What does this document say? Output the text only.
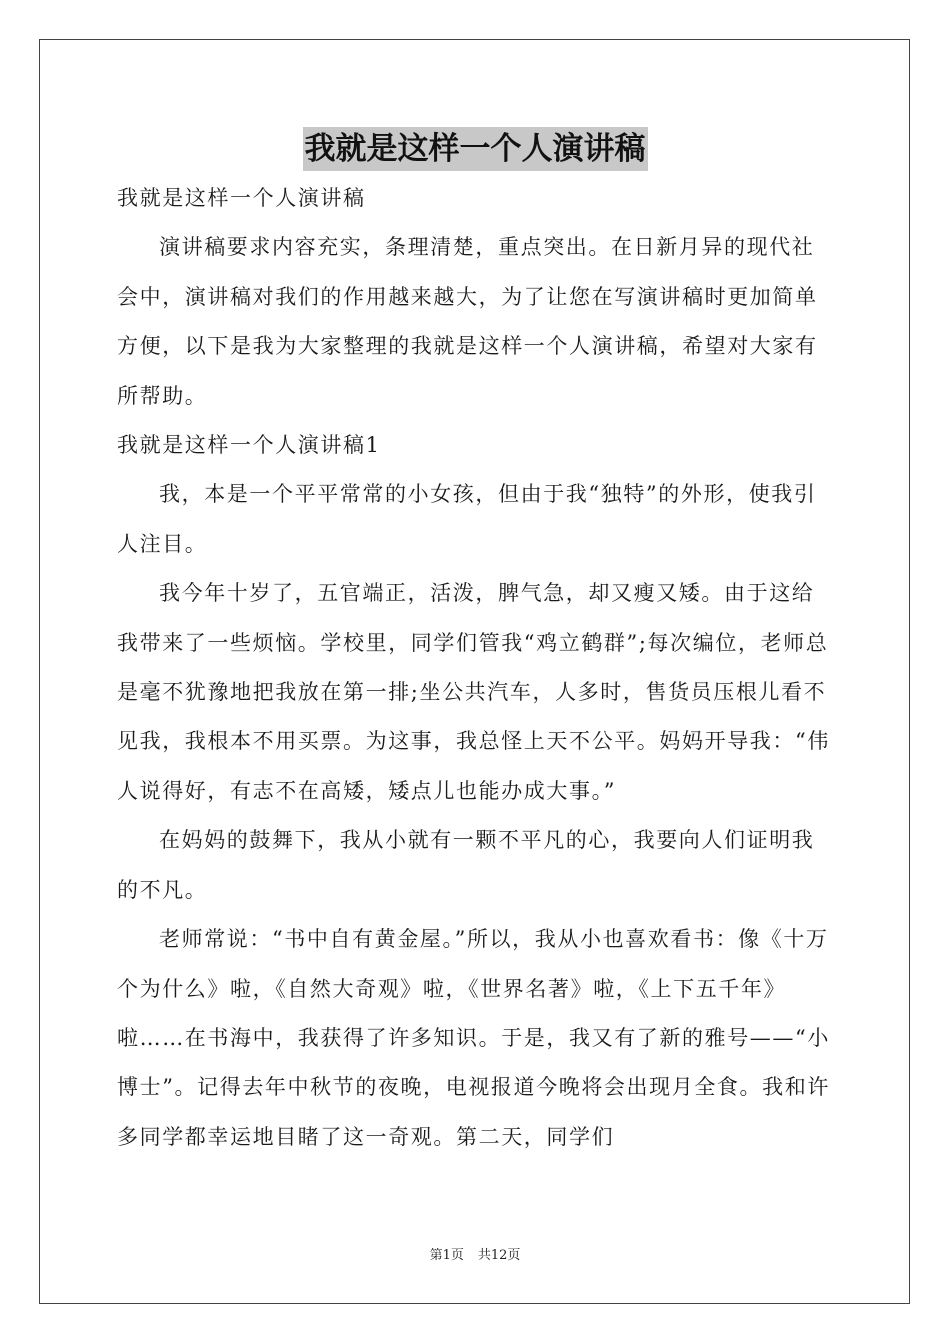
我就是这样一个人演讲稿

我就是这样一个人演讲稿

演讲稿要求内容充实，条理清楚，重点突出。在日新月异的现代社会中，演讲稿对我们的作用越来越大，为了让您在写演讲稿时更加简单方便，以下是我为大家整理的我就是这样一个人演讲稿，希望对大家有所帮助。

我就是这样一个人演讲稿1

我，本是一个平平常常的小女孩，但由于我“独特”的外形，使我引人注目。

我今年十岁了，五官端正，活泼，脾气急，却又瘦又矮。由于这给我带来了一些烦恼。学校里，同学们管我“鸡立鹤群”;每次编位，老师总是毫不犹豫地把我放在第一排;坐公共汽车，人多时，售货员压根儿看不见我，我根本不用买票。为这事，我总怪上天不公平。妈妈开导我：“伟人说得好，有志不在高矮，矮点儿也能办成大事。”

在妈妈的鼓舞下，我从小就有一颗不平凡的心，我要向人们证明我的不凡。

老师常说：“书中自有黄金屋。”所以，我从小也喜欢看书：像《十万个为什么》啦，《自然大奇观》啦，《世界名著》啦，《上下五千年》啦……在书海中，我获得了许多知识。于是，我又有了新的雅号——“小博士”。记得去年中秋节的夜晚，电视报道今晚将会出现月全食。我和许多同学都幸运地目睹了这一奇观。第二天，同学们

第1页 共12页
